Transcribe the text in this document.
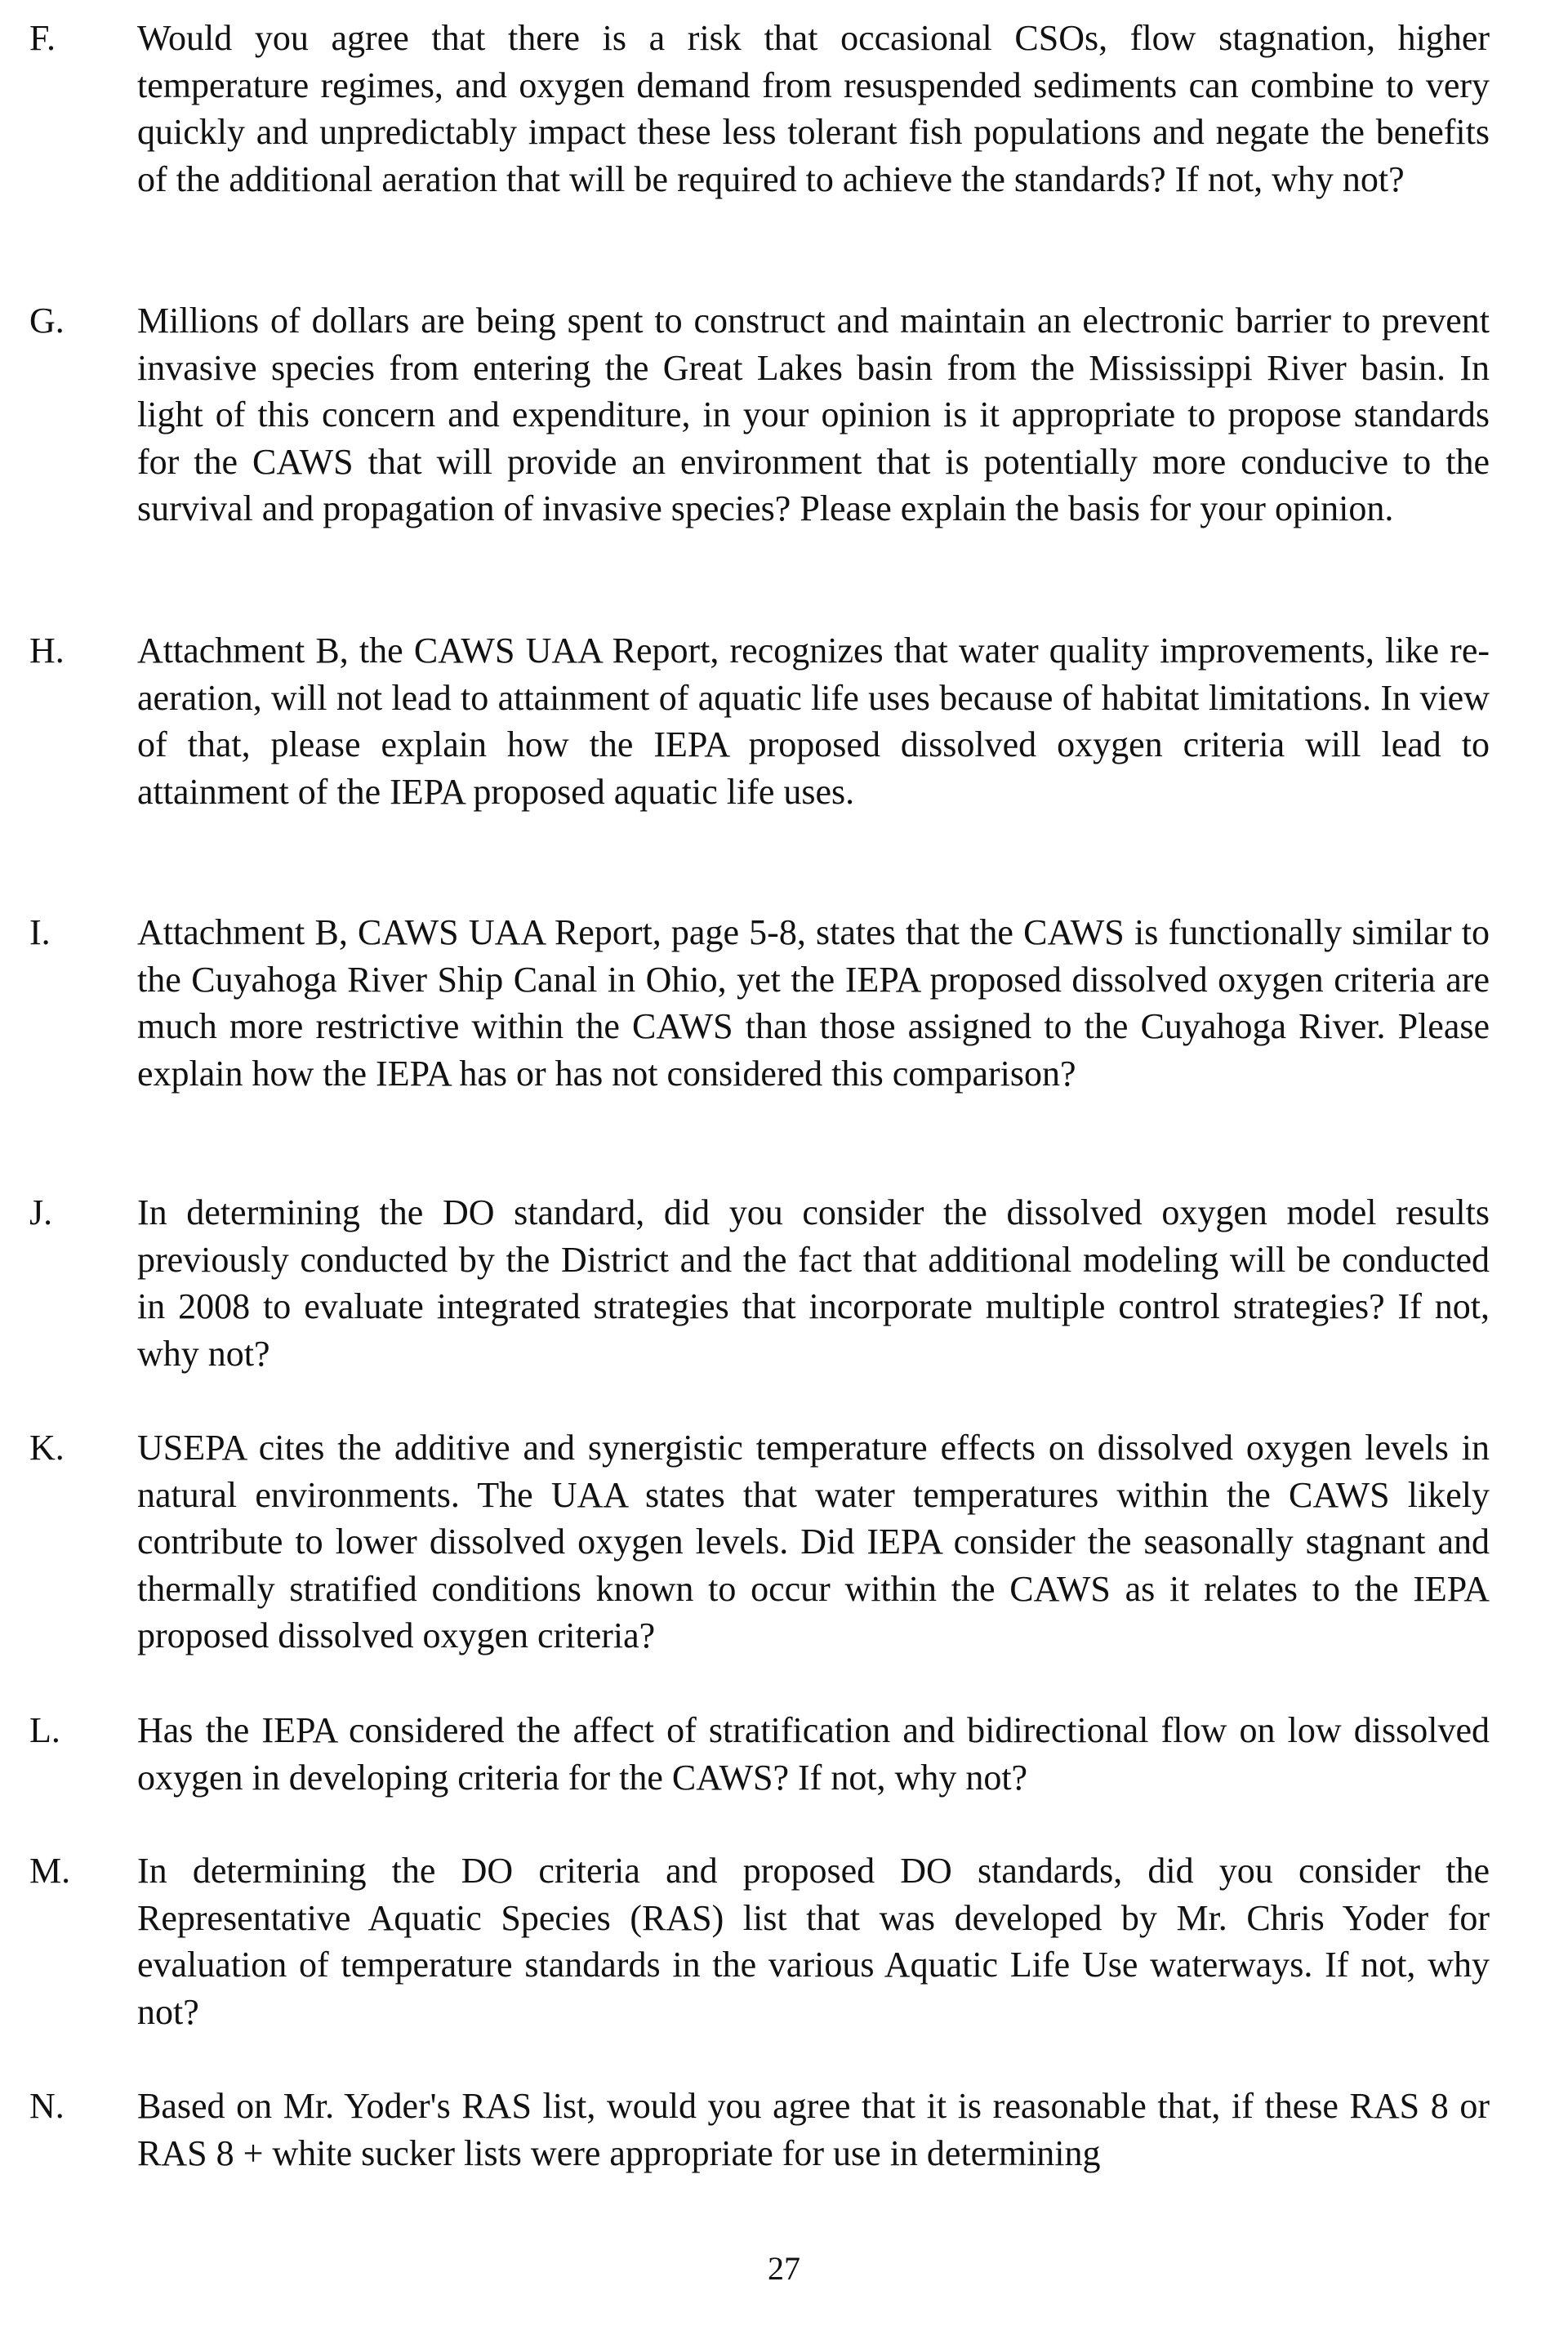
F. Would you agree that there is a risk that occasional CSOs, flow stagnation, higher temperature regimes, and oxygen demand from resuspended sediments can combine to very quickly and unpredictably impact these less tolerant fish populations and negate the benefits of the additional aeration that will be required to achieve the standards? If not, why not?
G. Millions of dollars are being spent to construct and maintain an electronic barrier to prevent invasive species from entering the Great Lakes basin from the Mississippi River basin. In light of this concern and expenditure, in your opinion is it appropriate to propose standards for the CAWS that will provide an environment that is potentially more conducive to the survival and propagation of invasive species? Please explain the basis for your opinion.
H. Attachment B, the CAWS UAA Report, recognizes that water quality improvements, like re-aeration, will not lead to attainment of aquatic life uses because of habitat limitations. In view of that, please explain how the IEPA proposed dissolved oxygen criteria will lead to attainment of the IEPA proposed aquatic life uses.
I. Attachment B, CAWS UAA Report, page 5-8, states that the CAWS is functionally similar to the Cuyahoga River Ship Canal in Ohio, yet the IEPA proposed dissolved oxygen criteria are much more restrictive within the CAWS than those assigned to the Cuyahoga River. Please explain how the IEPA has or has not considered this comparison?
J. In determining the DO standard, did you consider the dissolved oxygen model results previously conducted by the District and the fact that additional modeling will be conducted in 2008 to evaluate integrated strategies that incorporate multiple control strategies? If not, why not?
K. USEPA cites the additive and synergistic temperature effects on dissolved oxygen levels in natural environments. The UAA states that water temperatures within the CAWS likely contribute to lower dissolved oxygen levels. Did IEPA consider the seasonally stagnant and thermally stratified conditions known to occur within the CAWS as it relates to the IEPA proposed dissolved oxygen criteria?
L. Has the IEPA considered the affect of stratification and bidirectional flow on low dissolved oxygen in developing criteria for the CAWS? If not, why not?
M. In determining the DO criteria and proposed DO standards, did you consider the Representative Aquatic Species (RAS) list that was developed by Mr. Chris Yoder for evaluation of temperature standards in the various Aquatic Life Use waterways. If not, why not?
N. Based on Mr. Yoder's RAS list, would you agree that it is reasonable that, if these RAS 8 or RAS 8 + white sucker lists were appropriate for use in determining
27
